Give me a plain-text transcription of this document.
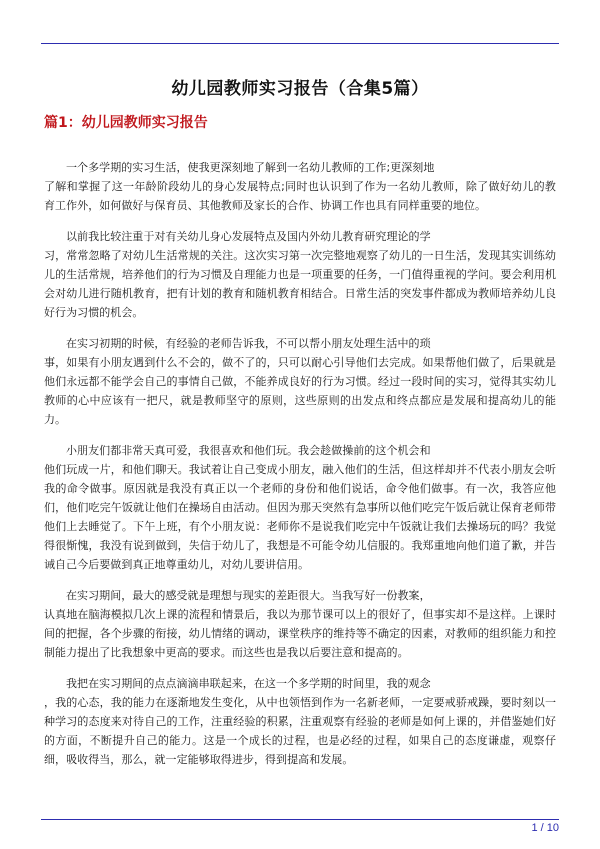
幼儿园教师实习报告（合集5篇）
篇1：幼儿园教师实习报告

一个多学期的实习生活，使我更深刻地了解到一名幼儿教师的工作;更深刻地
了解和掌握了这一年龄阶段幼儿的身心发展特点;同时也认识到了作为一名幼儿教师，除了做好幼儿的教育工作外，如何做好与保育员、其他教师及家长的合作、协调工作也具有同样重要的地位。

以前我比较注重于对有关幼儿身心发展特点及国内外幼儿教育研究理论的学
习，常常忽略了对幼儿生活常规的关注。这次实习第一次完整地观察了幼儿的一日生活，发现其实训练幼儿的生活常规，培养他们的行为习惯及自理能力也是一项重要的任务，一门值得重视的学问。要会利用机会对幼儿进行随机教育，把有计划的教育和随机教育相结合。日常生活的突发事件都成为教师培养幼儿良好行为习惯的机会。

在实习初期的时候，有经验的老师告诉我，不可以帮小朋友处理生活中的琐
事，如果有小朋友遇到什么不会的，做不了的，只可以耐心引导他们去完成。如果帮他们做了，后果就是他们永远都不能学会自己的事情自己做，不能养成良好的行为习惯。经过一段时间的实习，觉得其实幼儿教师的心中应该有一把尺，就是教师坚守的原则，这些原则的出发点和终点都应是发展和提高幼儿的能力。

小朋友们都非常天真可爱，我很喜欢和他们玩。我会趁做操前的这个机会和
他们玩成一片，和他们聊天。我试着让自己变成小朋友，融入他们的生活，但这样却并不代表小朋友会听我的命令做事。原因就是我没有真正以一个老师的身份和他们说话，命令他们做事。有一次，我答应他们，他们吃完午饭就让他们在操场自由活动。但因为那天突然有急事所以他们吃完午饭后就让保育老师带他们上去睡觉了。下午上班，有个小朋友说：老师你不是说我们吃完中午饭就让我们去操场玩的吗？我觉得很惭愧，我没有说到做到，失信于幼儿了，我想是不可能令幼儿信服的。我郑重地向他们道了歉，并告诫自己今后要做到真正地尊重幼儿，对幼儿要讲信用。

在实习期间，最大的感受就是理想与现实的差距很大。当我写好一份教案，
认真地在脑海模拟几次上课的流程和情景后，我以为那节课可以上的很好了，但事实却不是这样。上课时间的把握，各个步骤的衔接，幼儿情绪的调动，课堂秩序的维持等不确定的因素，对教师的组织能力和控制能力提出了比我想象中更高的要求。而这些也是我以后要注意和提高的。

我把在实习期间的点点滴滴串联起来，在这一个多学期的时间里，我的观念
，我的心态，我的能力在逐渐地发生变化，从中也领悟到作为一名新老师，一定要戒骄戒躁，要时刻以一种学习的态度来对待自己的工作，注重经验的积累，注重观察有经验的老师是如何上课的，并借鉴她们好的方面，不断提升自己的能力。这是一个成长的过程，也是必经的过程，如果自己的态度谦虚，观察仔细，吸收得当，那么，就一定能够取得进步，得到提高和发展。

1 / 10
